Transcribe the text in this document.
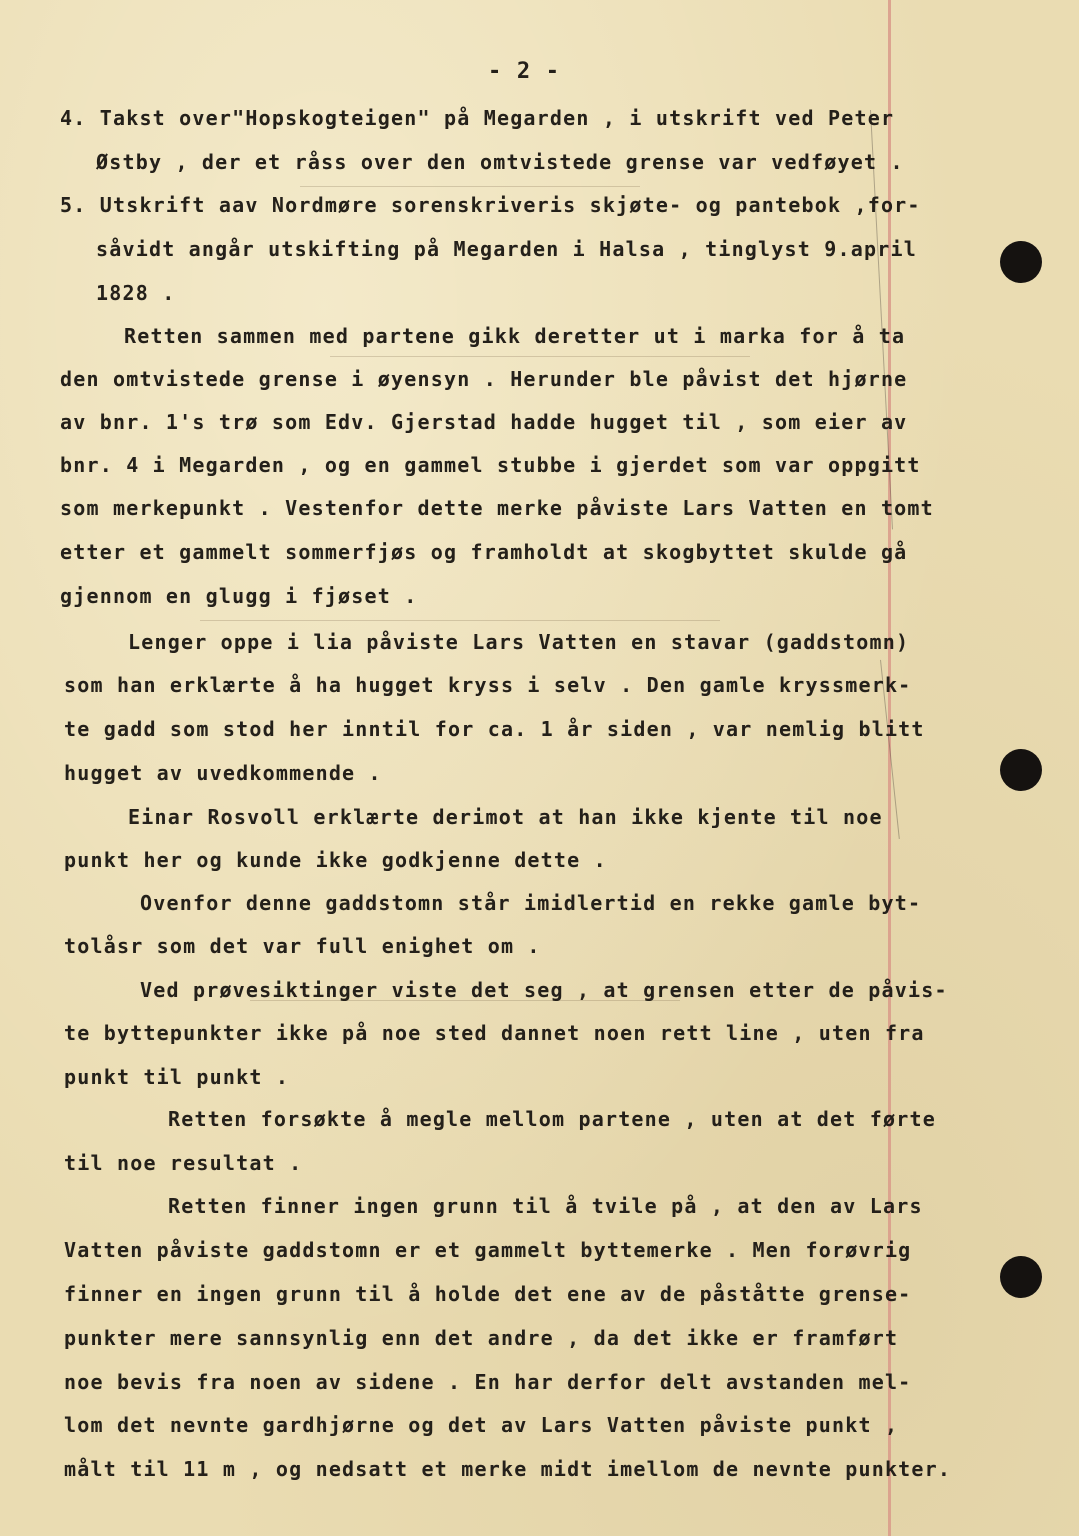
- 2 -
4. Takst over"Hopskogteigen" på Megarden , i utskrift ved Peter
Østby , der et råss over den omtvistede grense var vedføyet .
5. Utskrift aav Nordmøre sorenskriveris skjøte- og pantebok ,for-
såvidt angår utskifting på Megarden i Halsa , tinglyst 9.april
1828 .
Retten sammen med partene gikk deretter ut i marka for å ta
den omtvistede grense i øyensyn . Herunder ble påvist det hjørne
av bnr. 1's trø som Edv. Gjerstad hadde hugget til , som eier av
bnr. 4 i Megarden , og en gammel stubbe i gjerdet som var oppgitt
som merkepunkt . Vestenfor dette merke påviste Lars Vatten en tomt
etter et gammelt sommerfjøs og framholdt at skogbyttet skulde gå
gjennom en glugg i fjøset .
Lenger oppe i lia påviste Lars Vatten en stavar (gaddstomn)
som han erklærte å ha hugget kryss i selv . Den gamle kryssmerk-
te gadd som stod her inntil for ca. 1 år siden , var nemlig blitt
hugget av uvedkommende .
Einar Rosvoll erklærte derimot at han ikke kjente til noe
punkt her og kunde ikke godkjenne dette .
Ovenfor denne gaddstomn står imidlertid en rekke gamle byt-
tolåsr som det var full enighet om .
Ved prøvesiktinger viste det seg , at grensen etter de påvis-
te byttepunkter ikke på noe sted dannet noen rett line , uten fra
punkt til punkt .
Retten forsøkte å megle mellom partene , uten at det førte
til noe resultat .
Retten finner ingen grunn til å tvile på , at den av Lars
Vatten påviste gaddstomn er et gammelt byttemerke . Men forøvrig
finner en ingen grunn til å holde det ene av de påståtte grense-
punkter mere sannsynlig enn det andre , da det ikke er framført
noe bevis fra noen av sidene . En har derfor delt avstanden mel-
lom det nevnte gardhjørne og det av Lars Vatten påviste punkt ,
målt til 11 m , og nedsatt et merke midt imellom de nevnte punkter.
